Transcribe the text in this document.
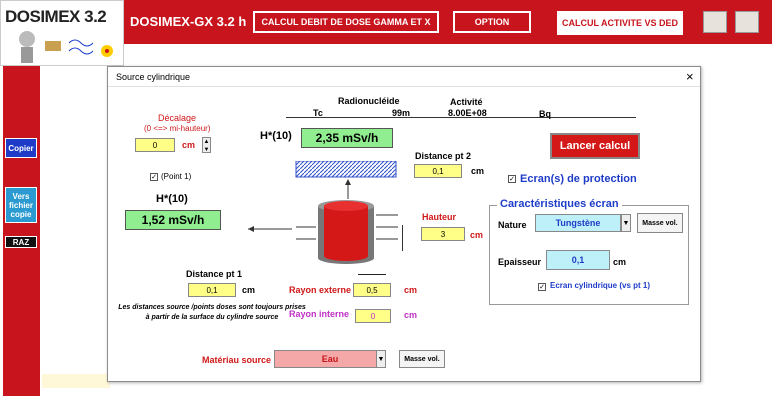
DOSIMEX 3.2 DOSIMEX-GX 3.2 h	CALCUL DEBIT DE DOSE GAMMA ET X	OPTION	CALCUL ACTIVITE VS DED
Copier
Vers fichier copie
RAZ
Source cylindrique	×
Radionucléide	Activité
Tc	99m	8.00E+08	Bq
Décalage
(0 <=> mi-hauteur)
0	cm ▲
▼
✓ (Point 1)
H*(10)
1,52 mSv/h
Distance pt 1
0,1	cm
Les distances source /points doses sont toujours prises à partir de la surface du cylindre source
H*(10)	2,35 mSv/h
Distance pt 2
0,1	cm
Hauteur
3	cm
Rayon externe	0,5	cm
Rayon interne	0	cm
Matériau source	Eau	▼	Masse vol.
Lancer calcul
✓ Ecran(s) de protection
Caractéristiques écran
Nature	Tungstène	▼	Masse vol.
Epaisseur	0,1	cm
✓ Ecran cylindrique (vs pt 1)
